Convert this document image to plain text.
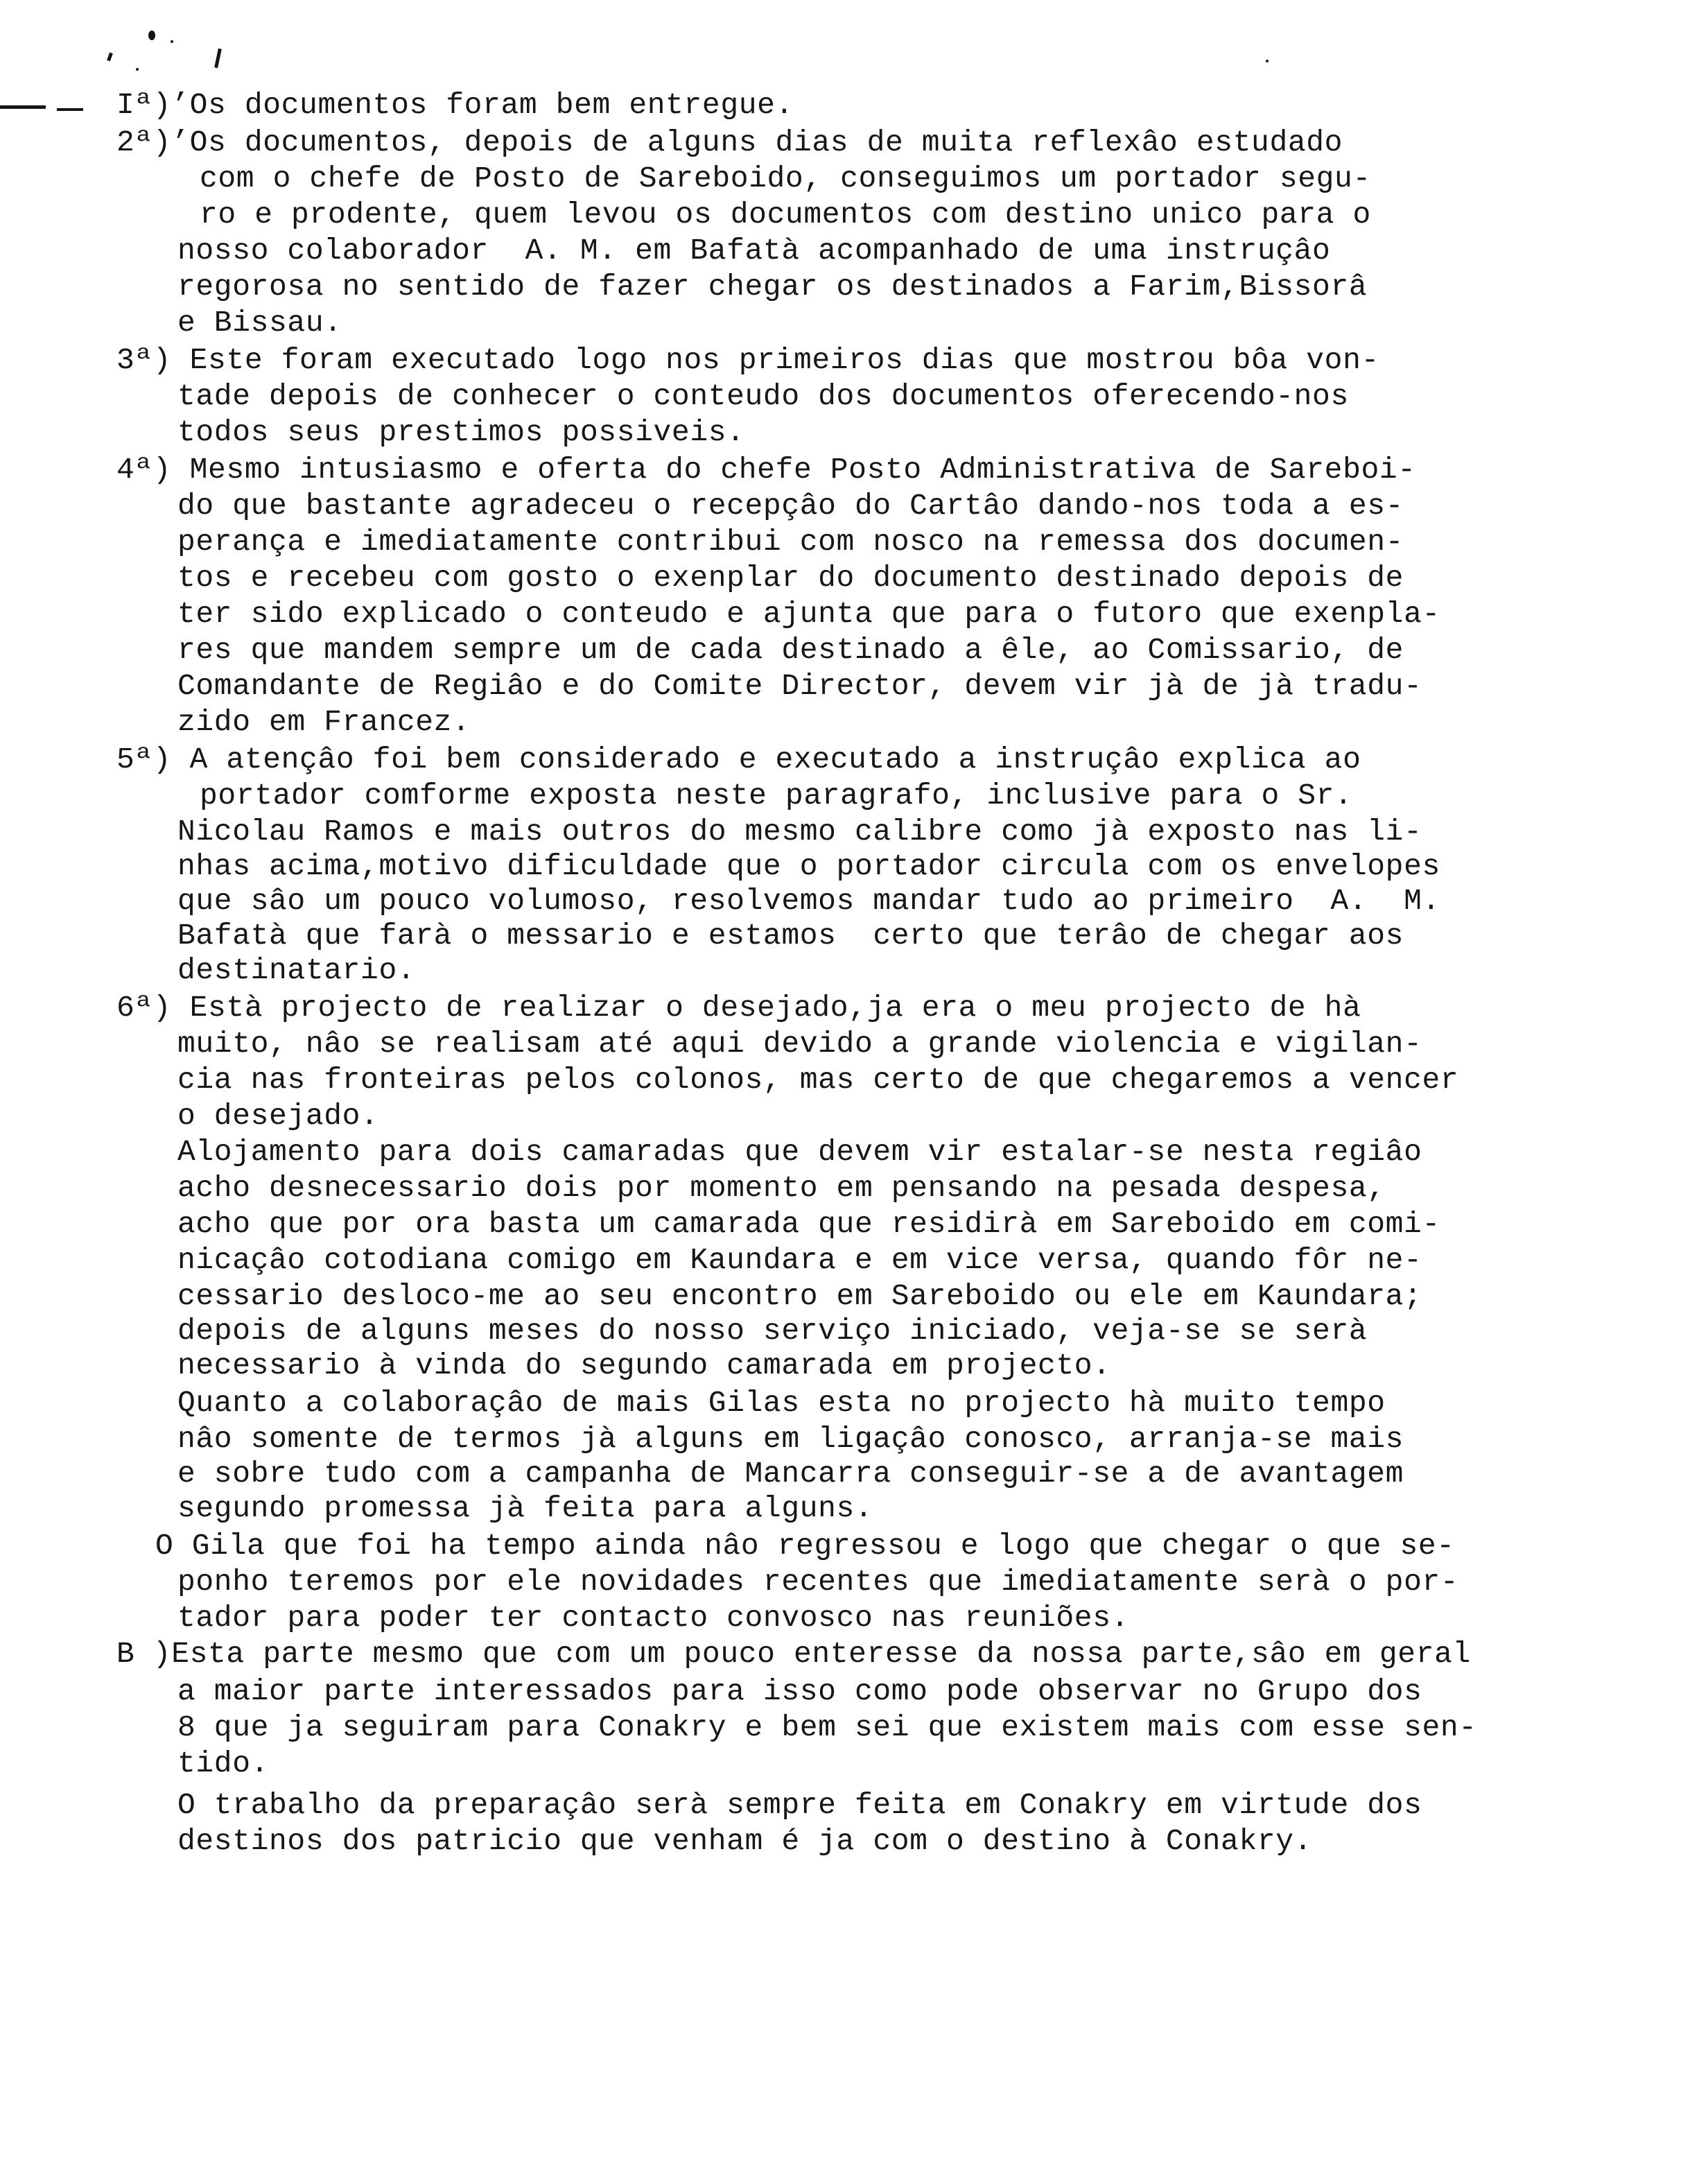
Iª)’Os documentos foram bem entregue.
2ª)’Os documentos, depois de alguns dias de muita reflexâo estudado
com o chefe de Posto de Sareboido, conseguimos um portador segu-
ro e prodente, quem levou os documentos com destino unico para o
nosso colaborador  A. M. em Bafatà acompanhado de uma instruçâo
regorosa no sentido de fazer chegar os destinados a Farim,Bissorâ
e Bissau.
3ª) Este foram executado logo nos primeiros dias que mostrou bôa von-
tade depois de conhecer o conteudo dos documentos oferecendo-nos
todos seus prestimos possiveis.
4ª) Mesmo intusiasmo e oferta do chefe Posto Administrativa de Sareboi-
do que bastante agradeceu o recepçâo do Cartâo dando-nos toda a es-
perança e imediatamente contribui com nosco na remessa dos documen-
tos e recebeu com gosto o exenplar do documento destinado depois de
ter sido explicado o conteudo e ajunta que para o futoro que exenpla-
res que mandem sempre um de cada destinado a êle, ao Comissario, de
Comandante de Regiâo e do Comite Director, devem vir jà de jà tradu-
zido em Francez.
5ª) A atençâo foi bem considerado e executado a instruçâo explica ao
portador comforme exposta neste paragrafo, inclusive para o Sr.
Nicolau Ramos e mais outros do mesmo calibre como jà exposto nas li-
nhas acima,motivo dificuldade que o portador circula com os envelopes
que sâo um pouco volumoso, resolvemos mandar tudo ao primeiro  A.  M.
Bafatà que farà o messario e estamos  certo que terâo de chegar aos
destinatario.
6ª) Està projecto de realizar o desejado,ja era o meu projecto de hà
muito, nâo se realisam até aqui devido a grande violencia e vigilan-
cia nas fronteiras pelos colonos, mas certo de que chegaremos a vencer
o desejado.
Alojamento para dois camaradas que devem vir estalar-se nesta regiâo
acho desnecessario dois por momento em pensando na pesada despesa,
acho que por ora basta um camarada que residirà em Sareboido em comi-
nicaçâo cotodiana comigo em Kaundara e em vice versa, quando fôr ne-
cessario desloco-me ao seu encontro em Sareboido ou ele em Kaundara;
depois de alguns meses do nosso serviço iniciado, veja-se se serà
necessario à vinda do segundo camarada em projecto.
Quanto a colaboraçâo de mais Gilas esta no projecto hà muito tempo
nâo somente de termos jà alguns em ligaçâo conosco, arranja-se mais
e sobre tudo com a campanha de Mancarra conseguir-se a de avantagem
segundo promessa jà feita para alguns.
O Gila que foi ha tempo ainda nâo regressou e logo que chegar o que se-
ponho teremos por ele novidades recentes que imediatamente serà o por-
tador para poder ter contacto convosco nas reuniões.
B )Esta parte mesmo que com um pouco enteresse da nossa parte,sâo em geral
a maior parte interessados para isso como pode observar no Grupo dos
8 que ja seguiram para Conakry e bem sei que existem mais com esse sen-
tido.
O trabalho da preparaçâo serà sempre feita em Conakry em virtude dos
destinos dos patricio que venham é ja com o destino à Conakry.
